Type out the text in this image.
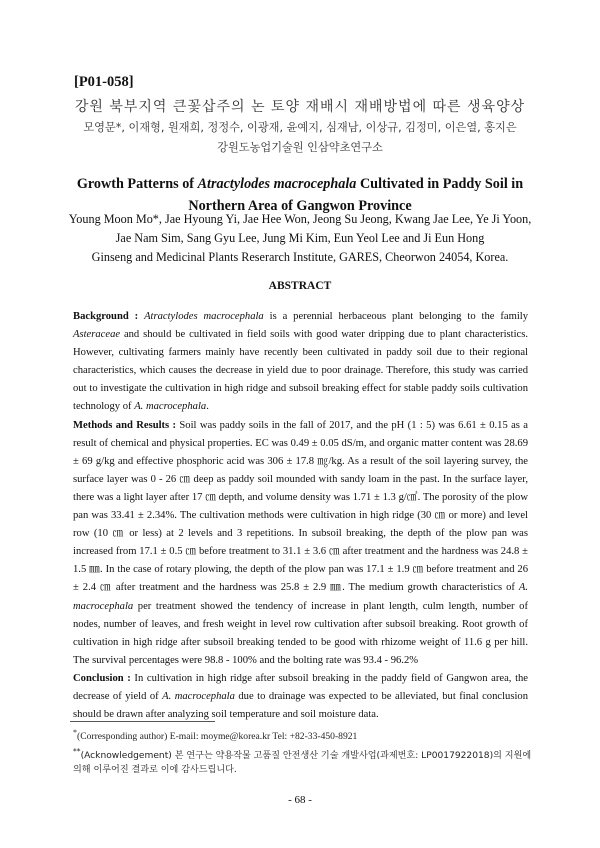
[P01-058]
강원 북부지역 큰꽃삽주의 논 토양 재배시 재배방법에 따른 생육양상
모영문*, 이재형, 원재희, 정정수, 이광재, 윤예지, 심재남, 이상규, 김정미, 이은열, 홍지은
강원도농업기술원 인삼약초연구소
Growth Patterns of Atractylodes macrocephala Cultivated in Paddy Soil in
Northern Area of Gangwon Province
Young Moon Mo*, Jae Hyoung Yi, Jae Hee Won, Jeong Su Jeong, Kwang Jae Lee, Ye Ji Yoon, Jae Nam Sim, Sang Gyu Lee, Jung Mi Kim, Eun Yeol Lee and Ji Eun Hong
Ginseng and Medicinal Plants Reserarch Institute, GARES, Cheorwon 24054, Korea.
ABSTRACT

Background : Atractylodes macrocephala is a perennial herbaceous plant belonging to the family Asteraceae and should be cultivated in field soils with good water dripping due to plant characteristics. However, cultivating farmers mainly have recently been cultivated in paddy soil due to their regional characteristics, which causes the decrease in yield due to poor drainage. Therefore, this study was carried out to investigate the cultivation in high ridge and subsoil breaking effect for stable paddy soils cultivation technology of A. macrocephala.

Methods and Results : Soil was paddy soils in the fall of 2017, and the pH (1 : 5) was 6.61 ± 0.15 as a result of chemical and physical properties. EC was 0.49 ± 0.05 dS/m, and organic matter content was 28.69 ± 69 g/kg and effective phosphoric acid was 306 ± 17.8 ㎎/kg. As a result of the soil layering survey, the surface layer was 0 - 26 ㎝ deep as paddy soil mounded with sandy loam in the past. In the surface layer, there was a light layer after 17 ㎝ depth, and volume density was 1.71 ± 1.3 g/㎤. The porosity of the plow pan was 33.41 ± 2.34%. The cultivation methods were cultivation in high ridge (30 ㎝ or more) and level row (10 ㎝ or less) at 2 levels and 3 repetitions. In subsoil breaking, the depth of the plow pan was increased from 17.1 ± 0.5 ㎝ before treatment to 31.1 ± 3.6 ㎝ after treatment and the hardness was 24.8 ± 1.5 ㎜. In the case of rotary plowing, the depth of the plow pan was 17.1 ± 1.9 ㎝ before treatment and 26 ± 2.4 ㎝ after treatment and the hardness was 25.8 ± 2.9 ㎜. The medium growth characteristics of A. macrocephala per treatment showed the tendency of increase in plant length, culm length, number of nodes, number of leaves, and fresh weight in level row cultivation after subsoil breaking. Root growth of cultivation in high ridge after subsoil breaking tended to be good with rhizome weight of 11.6 g per hill. The survival percentages were 98.8 - 100% and the bolting rate was 93.4 - 96.2%

Conclusion : In cultivation in high ridge after subsoil breaking in the paddy field of Gangwon area, the decrease of yield of A. macrocephala due to drainage was expected to be alleviated, but final conclusion should be drawn after analyzing soil temperature and soil moisture data.

*(Corresponding author) E-mail: moyme@korea.kr Tel: +82-33-450-8921
**(Acknowledgement) 본 연구는 약용작물 고품질 안전생산 기술 개발사업(과제번호: LP0017922018)의 지원에 의해 이루어진 결과로 이에 감사드립니다.
- 68 -
